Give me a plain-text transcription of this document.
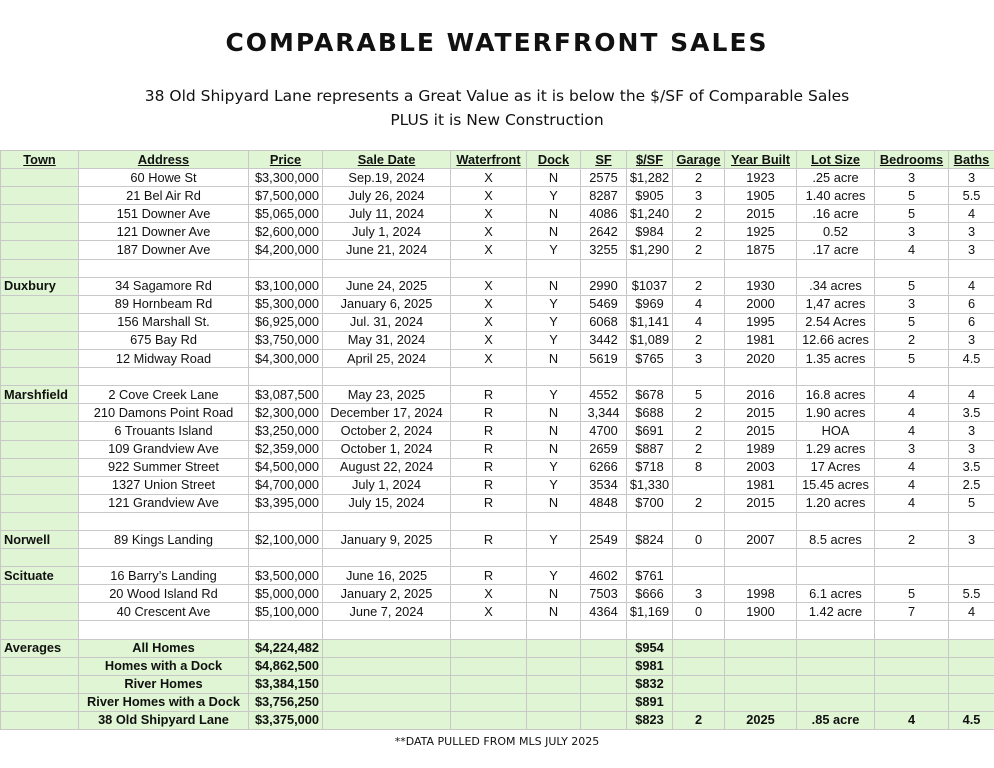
COMPARABLE WATERFRONT SALES
38 Old Shipyard Lane represents a Great Value as it is below the $/SF of Comparable Sales
PLUS it is New Construction
Town	Address	Price	Sale Date	Waterfront	Dock	SF	$/SF	Garage	Year Built	Lot Size	Bedrooms	Baths
	60 Howe St	$3,300,000	Sep.19, 2024	X	N	2575	$1,282	2	1923	.25 acre	3	3
	21 Bel Air Rd	$7,500,000	July 26, 2024	X	Y	8287	$905	3	1905	1.40 acres	5	5.5
	151 Downer Ave	$5,065,000	July 11, 2024	X	N	4086	$1,240	2	2015	.16 acre	5	4
	121 Downer Ave	$2,600,000	July 1, 2024	X	N	2642	$984	2	1925	0.52	3	3
	187 Downer Ave	$4,200,000	June 21, 2024	X	Y	3255	$1,290	2	1875	.17 acre	4	3

Duxbury	34 Sagamore Rd	$3,100,000	June 24, 2025	X	N	2990	$1037	2	1930	.34 acres	5	4
	89 Hornbeam Rd	$5,300,000	January 6, 2025	X	Y	5469	$969	4	2000	1,47 acres	3	6
	156 Marshall St.	$6,925,000	Jul. 31, 2024	X	Y	6068	$1,141	4	1995	2.54 Acres	5	6
	675 Bay Rd	$3,750,000	May 31, 2024	X	Y	3442	$1,089	2	1981	12.66 acres	2	3
	12 Midway Road	$4,300,000	April 25, 2024	X	N	5619	$765	3	2020	1.35 acres	5	4.5

Marshfield	2 Cove Creek Lane	$3,087,500	May 23, 2025	R	Y	4552	$678	5	2016	16.8 acres	4	4
	210 Damons Point Road	$2,300,000	December 17, 2024	R	N	3,344	$688	2	2015	1.90 acres	4	3.5
	6 Trouants Island	$3,250,000	October 2, 2024	R	N	4700	$691	2	2015	HOA	4	3
	109 Grandview Ave	$2,359,000	October 1, 2024	R	N	2659	$887	2	1989	1.29 acres	3	3
	922 Summer Street	$4,500,000	August 22, 2024	R	Y	6266	$718	8	2003	17 Acres	4	3.5
	1327 Union Street	$4,700,000	July 1, 2024	R	Y	3534	$1,330		1981	15.45 acres	4	2.5
	121 Grandview Ave	$3,395,000	July 15, 2024	R	N	4848	$700	2	2015	1.20 acres	4	5

Norwell	89 Kings Landing	$2,100,000	January 9, 2025	R	Y	2549	$824	0	2007	8.5 acres	2	3

Scituate	16 Barry’s Landing	$3,500,000	June 16, 2025	R	Y	4602	$761					
	20 Wood Island Rd	$5,000,000	January 2, 2025	X	N	7503	$666	3	1998	6.1 acres	5	5.5
	40 Crescent Ave	$5,100,000	June 7, 2024	X	N	4364	$1,169	0	1900	1.42 acre	7	4

Averages	All Homes	$4,224,482					$954					
	Homes with a Dock	$4,862,500					$981					
	River Homes	$3,384,150					$832					
	River Homes with a Dock	$3,756,250					$891					
	38 Old Shipyard Lane	$3,375,000					$823	2	2025	.85 acre	4	4.5
**DATA PULLED FROM MLS JULY 2025
